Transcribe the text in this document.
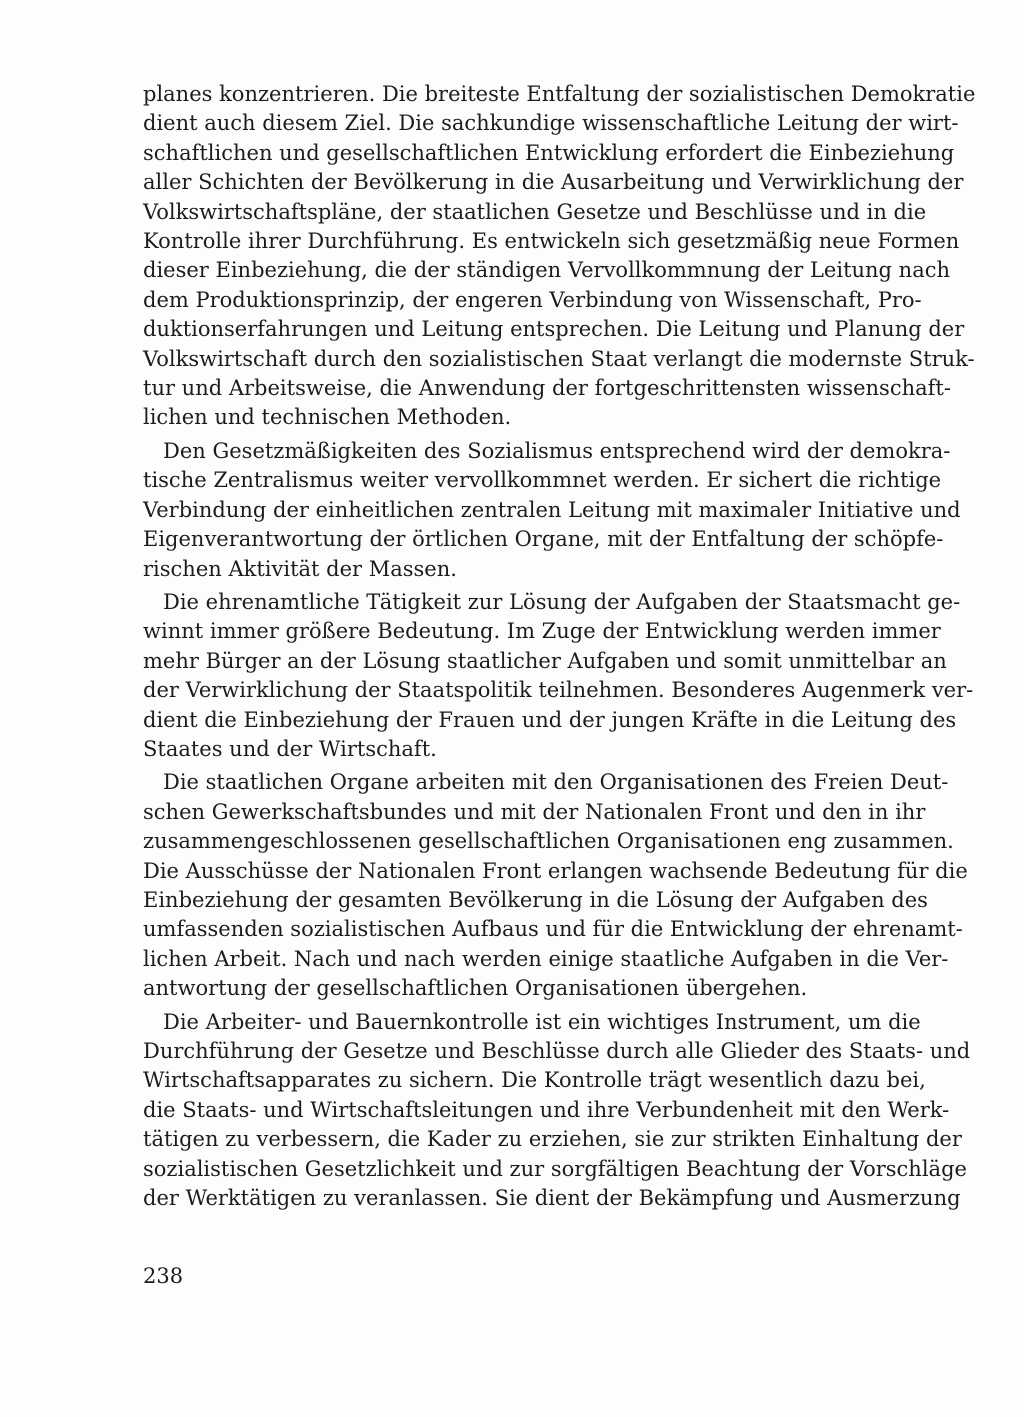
planes konzentrieren. Die breiteste Entfaltung der sozialistischen Demokratie
dient auch diesem Ziel. Die sachkundige wissenschaftliche Leitung der wirt-
schaftlichen und gesellschaftlichen Entwicklung erfordert die Einbeziehung
aller Schichten der Bevölkerung in die Ausarbeitung und Verwirklichung der
Volkswirtschaftspläne, der staatlichen Gesetze und Beschlüsse und in die
Kontrolle ihrer Durchführung. Es entwickeln sich gesetzmäßig neue Formen
dieser Einbeziehung, die der ständigen Vervollkommnung der Leitung nach
dem Produktionsprinzip, der engeren Verbindung von Wissenschaft, Pro-
duktionserfahrungen und Leitung entsprechen. Die Leitung und Planung der
Volkswirtschaft durch den sozialistischen Staat verlangt die modernste Struk-
tur und Arbeitsweise, die Anwendung der fortgeschrittensten wissenschaft-
lichen und technischen Methoden.
Den Gesetzmäßigkeiten des Sozialismus entsprechend wird der demokra-
tische Zentralismus weiter vervollkommnet werden. Er sichert die richtige
Verbindung der einheitlichen zentralen Leitung mit maximaler Initiative und
Eigenverantwortung der örtlichen Organe, mit der Entfaltung der schöpfe-
rischen Aktivität der Massen.
Die ehrenamtliche Tätigkeit zur Lösung der Aufgaben der Staatsmacht ge-
winnt immer größere Bedeutung. Im Zuge der Entwicklung werden immer
mehr Bürger an der Lösung staatlicher Aufgaben und somit unmittelbar an
der Verwirklichung der Staatspolitik teilnehmen. Besonderes Augenmerk ver-
dient die Einbeziehung der Frauen und der jungen Kräfte in die Leitung des
Staates und der Wirtschaft.
Die staatlichen Organe arbeiten mit den Organisationen des Freien Deut-
schen Gewerkschaftsbundes und mit der Nationalen Front und den in ihr
zusammengeschlossenen gesellschaftlichen Organisationen eng zusammen.
Die Ausschüsse der Nationalen Front erlangen wachsende Bedeutung für die
Einbeziehung der gesamten Bevölkerung in die Lösung der Aufgaben des
umfassenden sozialistischen Aufbaus und für die Entwicklung der ehrenamt-
lichen Arbeit. Nach und nach werden einige staatliche Aufgaben in die Ver-
antwortung der gesellschaftlichen Organisationen übergehen.
Die Arbeiter- und Bauernkontrolle ist ein wichtiges Instrument, um die
Durchführung der Gesetze und Beschlüsse durch alle Glieder des Staats- und
Wirtschaftsapparates zu sichern. Die Kontrolle trägt wesentlich dazu bei,
die Staats- und Wirtschaftsleitungen und ihre Verbundenheit mit den Werk-
tätigen zu verbessern, die Kader zu erziehen, sie zur strikten Einhaltung der
sozialistischen Gesetzlichkeit und zur sorgfältigen Beachtung der Vorschläge
der Werktätigen zu veranlassen. Sie dient der Bekämpfung und Ausmerzung
238
